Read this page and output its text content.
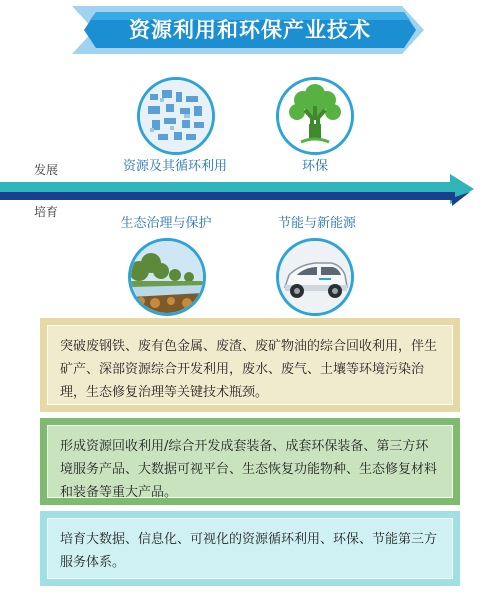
资源利用和环保产业技术
资源及其循环利用	环保
发展
培育
生态治理与保护	节能与新能源
突破废钢铁、废有色金属、废渣、废矿物油的综合回收利用，伴生矿产、深部资源综合开发利用，废水、废气、土壤等环境污染治理，生态修复治理等关键技术瓶颈。
形成资源回收利用/综合开发成套装备、成套环保装备、第三方环境服务产品、大数据可视平台、生态恢复功能物种、生态修复材料和装备等重大产品。
培育大数据、信息化、可视化的资源循环利用、环保、节能第三方服务体系。
